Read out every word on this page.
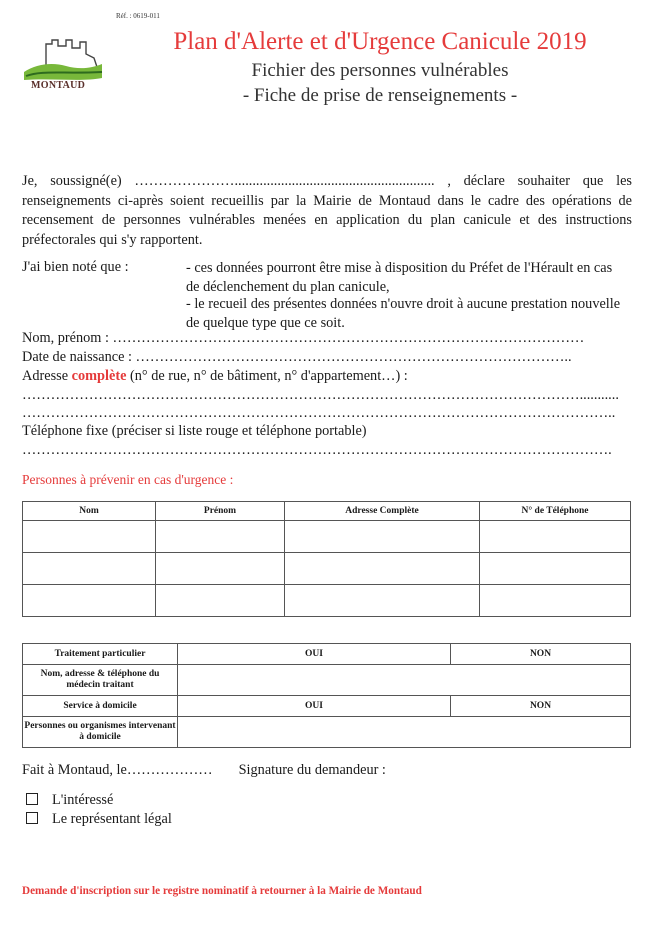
Réf. : 0619-011
MONTAUD
Plan d'Alerte et d'Urgence Canicule 2019
Fichier des personnes vulnérables
- Fiche de prise de renseignements -
Je, soussigné(e) …………………........................................................ , déclare souhaiter que les renseignements ci-après soient recueillis par la Mairie de Montaud dans le cadre des opérations de recensement de personnes vulnérables menées en application du plan canicule et des instructions préfectorales qui s'y rapportent.
J'ai bien noté que :	- ces données pourront être mise à disposition du Préfet de l'Hérault en cas de déclenchement du plan canicule,
- le recueil des présentes données n'ouvre droit à aucune prestation nouvelle de quelque type que ce soit.
Nom, prénom : ………………………………………………………………………………………
Date de naissance : ………………………………………………………………………………..
Adresse complète (n° de rue, n° de bâtiment, n° d'appartement…) :
………………………………………………………………………………………………………...........
……………………………………………………………………………………………………………..
Téléphone fixe (préciser si liste rouge et téléphone portable)
…………………………………………………………………………………………………………….
Personnes à prévenir en cas d'urgence :
Nom	Prénom	Adresse Complète	N° de Téléphone

Traitement particulier	OUI	NON
Nom, adresse & téléphone du médecin traitant		
Service à domicile	OUI	NON
Personnes ou organismes intervenant à domicile		
Fait à Montaud, le……………… Signature du demandeur :
L'intéressé
Le représentant légal
Demande d'inscription sur le registre nominatif à retourner à la Mairie de Montaud
